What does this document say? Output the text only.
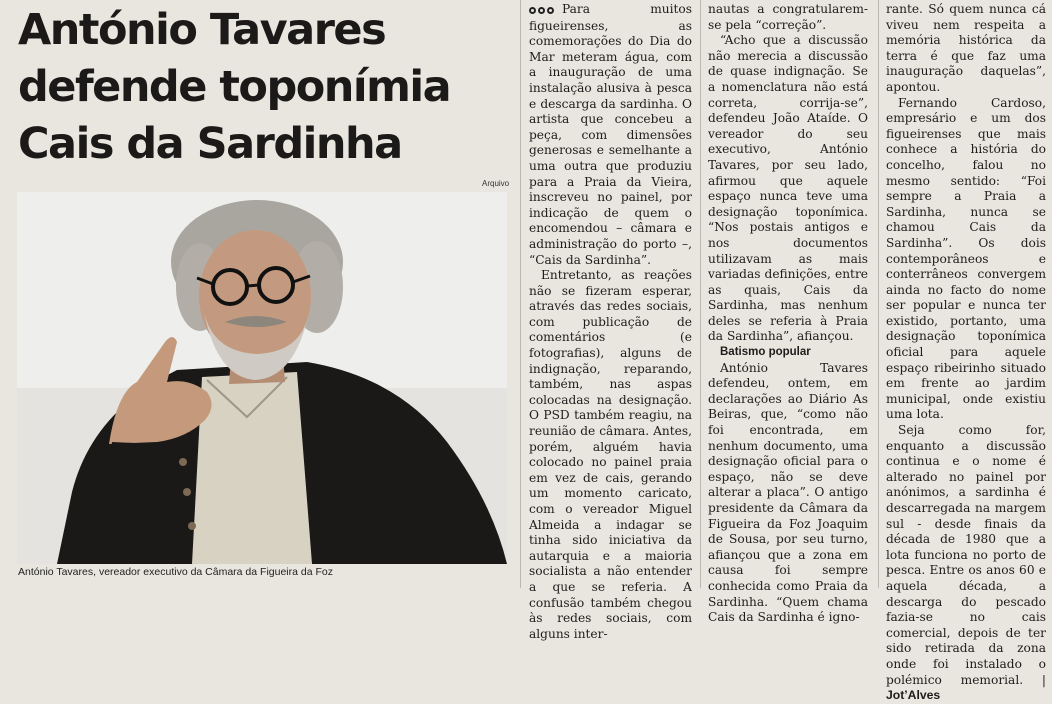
António Tavares
defende toponímia
Cais da Sardinha
Arquivo
António Tavares, vereador executivo da Câmara da Figueira da Foz

Para muitos figueirenses, as comemorações do Dia do Mar meteram água, com a inauguração de uma instalação alusiva à pesca e descarga da sardinha. O artista que concebeu a peça, com dimensões generosas e semelhante a uma outra que produziu para a Praia da Vieira, inscreveu no painel, por indicação de quem o encomendou – câmara e administração do porto –, “Cais da Sardinha”.

Entretanto, as reações não se fizeram esperar, através das redes sociais, com publicação de comentários (e fotografias), alguns de indignação, reparando, também, nas aspas colocadas na designação. O PSD também reagiu, na reunião de câmara. Antes, porém, alguém havia colocado no painel praia em vez de cais, gerando um momento caricato, com o vereador Miguel Almeida a indagar se tinha sido iniciativa da autarquia e a maioria socialista a não entender a que se referia. A confusão também chegou às redes sociais, com alguns inter-

nautas a congratularem-se pela “correção”.

“Acho que a discussão não merecia a discussão de quase indignação. Se a nomenclatura não está correta, corrija-se”, defendeu João Ataíde. O vereador do seu executivo, António Tavares, por seu lado, afirmou que aquele espaço nunca teve uma designação toponímica. “Nos postais antigos e nos documentos utilizavam as mais variadas definições, entre as quais, Cais da Sardinha, mas nenhum deles se referia à Praia da Sardinha”, afiançou.

Batismo popular

António Tavares defendeu, ontem, em declarações ao Diário As Beiras, que, “como não foi encontrada, em nenhum documento, uma designação oficial para o espaço, não se deve alterar a placa”. O antigo presidente da Câmara da Figueira da Foz Joaquim de Sousa, por seu turno, afiançou que a zona em causa foi sempre conhecida como Praia da Sardinha. “Quem chama Cais da Sardinha é igno-

rante. Só quem nunca cá viveu nem respeita a memória histórica da terra é que faz uma inauguração daquelas”, apontou.

Fernando Cardoso, empresário e um dos figueirenses que mais conhece a história do concelho, falou no mesmo sentido: “Foi sempre a Praia a Sardinha, nunca se chamou Cais da Sardinha”. Os dois contemporâneos e conterrâneos convergem ainda no facto do nome ser popular e nunca ter existido, portanto, uma designação toponímica oficial para aquele espaço ribeirinho situado em frente ao jardim municipal, onde existiu uma lota.

Seja como for, enquanto a discussão continua e o nome é alterado no painel por anónimos, a sardinha é descarregada na margem sul - desde finais da década de 1980 que a lota funciona no porto de pesca. Entre os anos 60 e aquela década, a descarga do pescado fazia-se no cais comercial, depois de ter sido retirada da zona onde foi instalado o polémico memorial. | Jot’Alves
